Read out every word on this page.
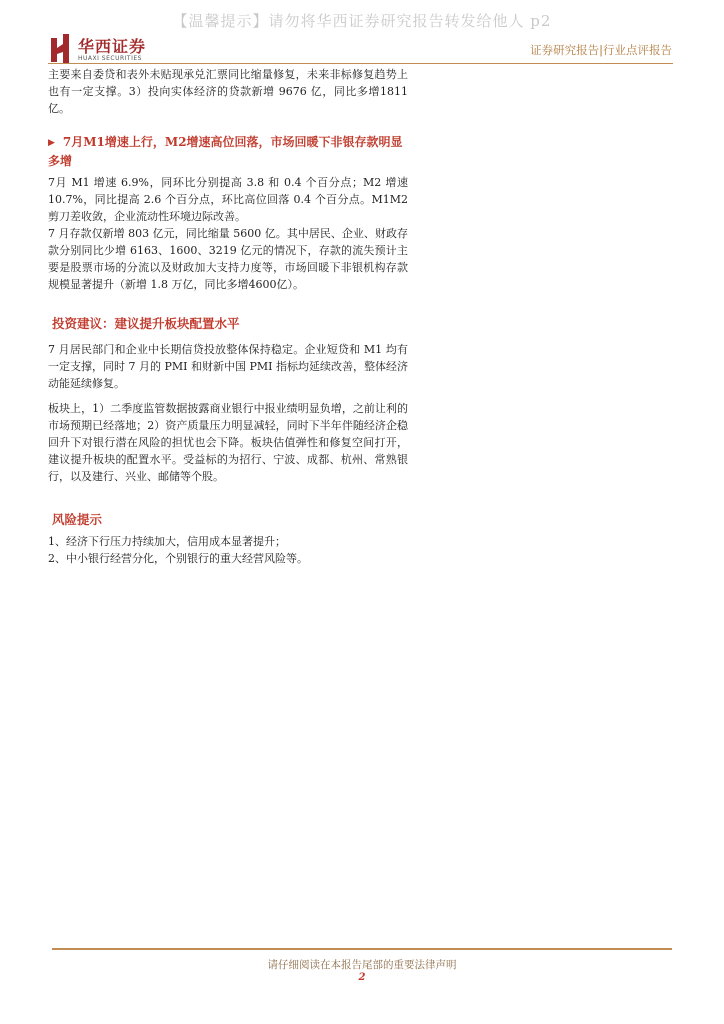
【温馨提示】请勿将华西证券研究报告转发给他人 p2
华西证券
HUAXI SECURITIES
证券研究报告|行业点评报告

主要来自委贷和表外未贴现承兑汇票同比缩量修复，未来非标修复趋势上也有一定支撑。3）投向实体经济的贷款新增 9676 亿，同比多增1811亿。

▶ 7月M1增速上行，M2增速高位回落，市场回暖下非银存款明显多增

7月 M1 增速 6.9%，同环比分别提高 3.8 和 0.4 个百分点；M2 增速 10.7%，同比提高 2.6 个百分点，环比高位回落 0.4 个百分点。M1M2 剪刀差收敛，企业流动性环境边际改善。

7 月存款仅新增 803 亿元，同比缩量 5600 亿。其中居民、企业、财政存款分别同比少增 6163、1600、3219 亿元的情况下，存款的流失预计主要是股票市场的分流以及财政加大支持力度等，市场回暖下非银机构存款规模显著提升（新增 1.8 万亿，同比多增4600亿）。

投资建议：建议提升板块配置水平

7 月居民部门和企业中长期信贷投放整体保持稳定。企业短贷和 M1 均有一定支撑，同时 7 月的 PMI 和财新中国 PMI 指标均延续改善，整体经济动能延续修复。

板块上，1）二季度监管数据披露商业银行中报业绩明显负增，之前让利的市场预期已经落地；2）资产质量压力明显减轻，同时下半年伴随经济企稳回升下对银行潜在风险的担忧也会下降。板块估值弹性和修复空间打开，建议提升板块的配置水平。受益标的为招行、宁波、成都、杭州、常熟银行，以及建行、兴业、邮储等个股。

风险提示

1、经济下行压力持续加大，信用成本显著提升；

2、中小银行经营分化，个别银行的重大经营风险等。

请仔细阅读在本报告尾部的重要法律声明
2
